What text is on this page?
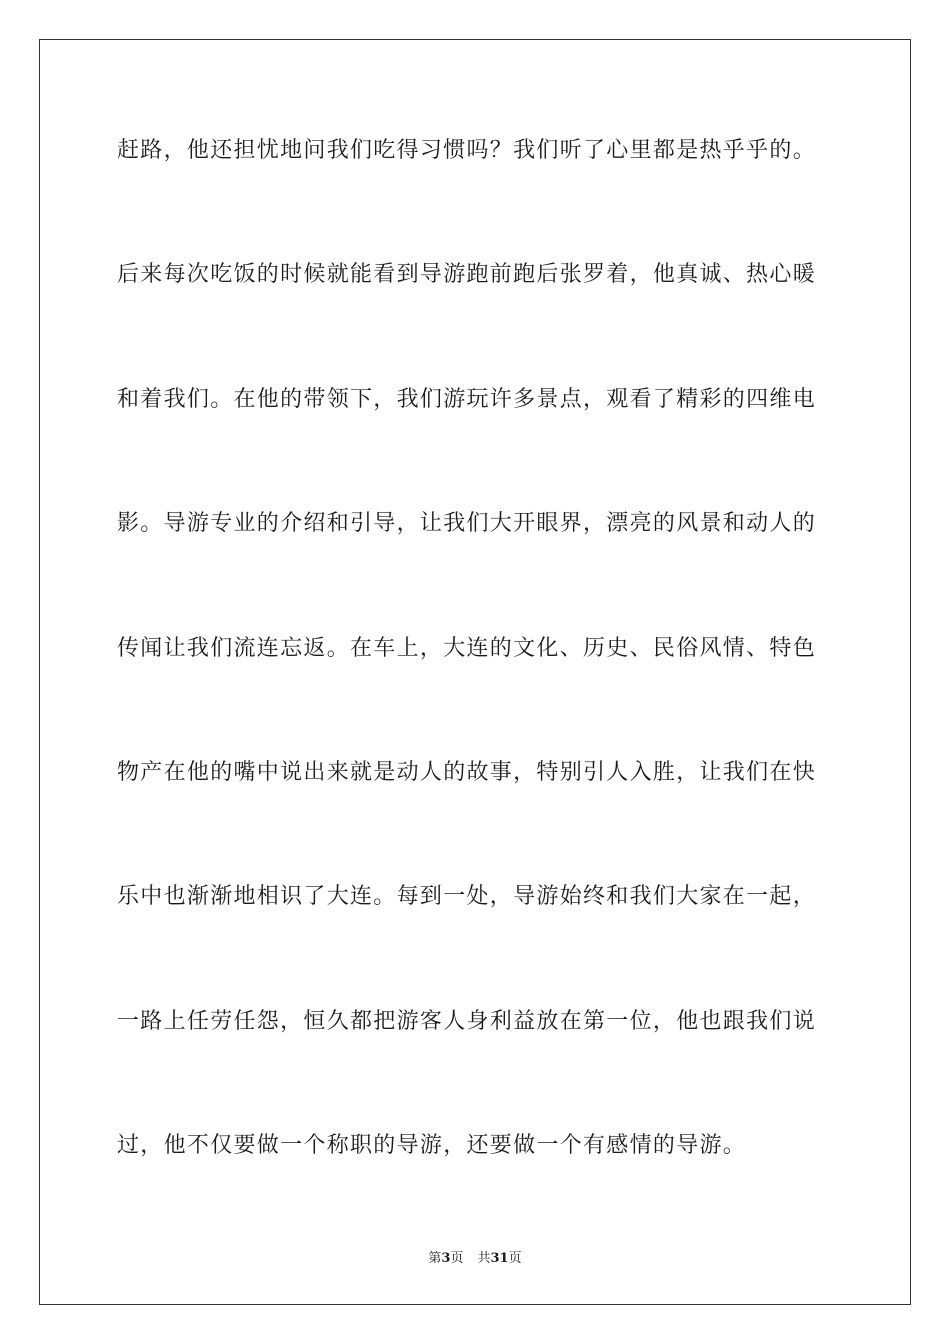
赶路，他还担忧地问我们吃得习惯吗？我们听了心里都是热乎乎的。
后来每次吃饭的时候就能看到导游跑前跑后张罗着，他真诚、热心暖
和着我们。在他的带领下，我们游玩许多景点，观看了精彩的四维电
影。导游专业的介绍和引导，让我们大开眼界，漂亮的风景和动人的
传闻让我们流连忘返。在车上，大连的文化、历史、民俗风情、特色
物产在他的嘴中说出来就是动人的故事，特别引人入胜，让我们在快
乐中也渐渐地相识了大连。每到一处，导游始终和我们大家在一起，
一路上任劳任怨，恒久都把游客人身利益放在第一位，他也跟我们说
过，他不仅要做一个称职的导游，还要做一个有感情的导游。
第3页 共31页
